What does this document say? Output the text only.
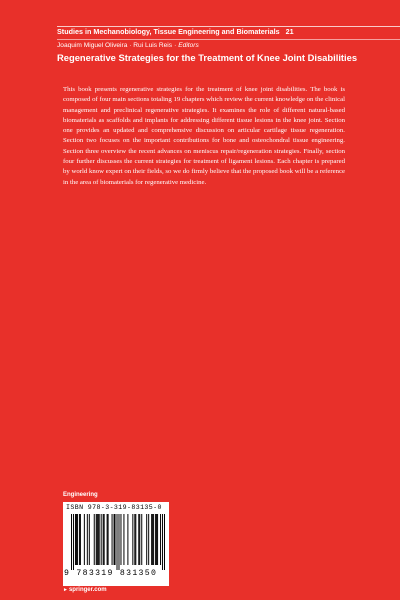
Studies in Mechanobiology, Tissue Engineering and Biomaterials 21
Joaquim Miguel Oliveira · Rui Luis Reis · Editors
Regenerative Strategies for the Treatment of Knee Joint Disabilities

This book presents regenerative strategies for the treatment of knee joint disabilities. The book is composed of four main sections totaling 19 chapters which review the current knowledge on the clinical management and preclinical regenerative strategies. It examines the role of different natural-based biomaterials as scaffolds and implants for addressing different tissue lesions in the knee joint. Section one provides an updated and comprehensive discussion on articular cartilage tissue regeneration. Section two focuses on the important contributions for bone and osteochondral tissue engineering. Section three overview the recent advances on meniscus repair/regeneration strategies. Finally, section four further discusses the current strategies for treatment of ligament lesions. Each chapter is prepared by world know expert on their fields, so we do firmly believe that the proposed book will be a reference in the area of biomaterials for regenerative medicine.

Engineering
ISBN 978-3-319-83135-0
9 783319 831350
►springer.com
